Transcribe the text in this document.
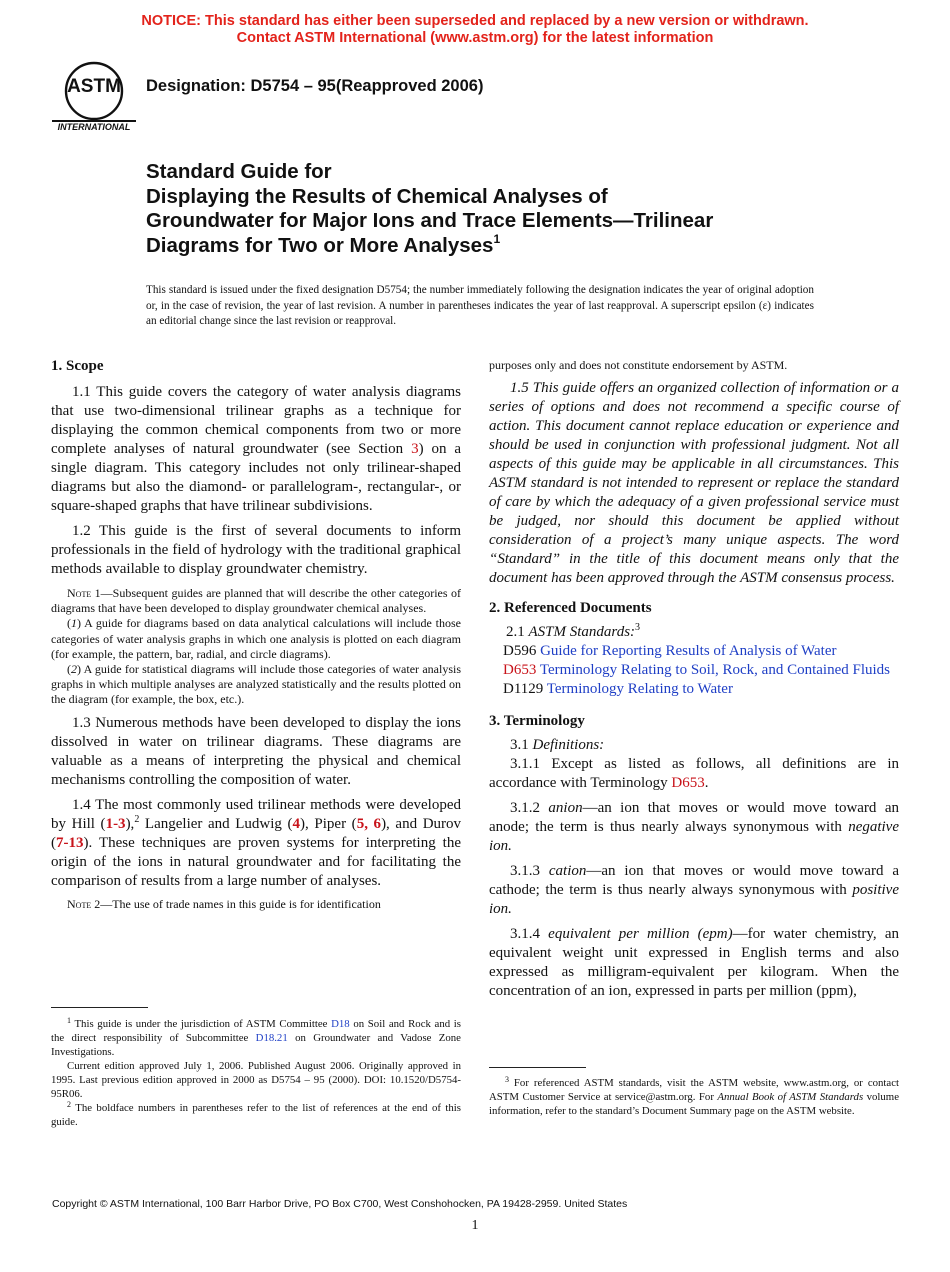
NOTICE: This standard has either been superseded and replaced by a new version or withdrawn.
Contact ASTM International (www.astm.org) for the latest information
ASTM
INTERNATIONAL
Designation: D5754 – 95(Reapproved 2006)
Standard Guide for
Displaying the Results of Chemical Analyses of
Groundwater for Major Ions and Trace Elements—Trilinear
Diagrams for Two or More Analyses$^1$
This standard is issued under the fixed designation D5754; the number immediately following the designation indicates the year of original adoption or, in the case of revision, the year of last revision. A number in parentheses indicates the year of last reapproval. A superscript epsilon (ε) indicates an editorial change since the last revision or reapproval.

1. Scope

1.1 This guide covers the category of water analysis diagrams that use two-dimensional trilinear graphs as a technique for displaying the common chemical components from two or more complete analyses of natural groundwater (see Section 3) on a single diagram. This category includes not only trilinear-shaped diagrams but also the diamond- or parallelogram-, rectangular-, or square-shaped graphs that have trilinear subdivisions.

1.2 This guide is the first of several documents to inform professionals in the field of hydrology with the traditional graphical methods available to display groundwater chemistry.

Note 1—Subsequent guides are planned that will describe the other categories of diagrams that have been developed to display groundwater chemical analyses.

(1) A guide for diagrams based on data analytical calculations will include those categories of water analysis graphs in which one analysis is plotted on each diagram (for example, the pattern, bar, radial, and circle diagrams).

(2) A guide for statistical diagrams will include those categories of water analysis graphs in which multiple analyses are analyzed statistically and the results plotted on the diagram (for example, the box, etc.).

1.3 Numerous methods have been developed to display the ions dissolved in water on trilinear diagrams. These diagrams are valuable as a means of interpreting the physical and chemical mechanisms controlling the composition of water.

1.4 The most commonly used trilinear methods were developed by Hill (1-3),$^2$ Langelier and Ludwig (4), Piper (5, 6), and Durov (7-13). These techniques are proven systems for interpreting the origin of the ions in natural groundwater and for facilitating the comparison of results from a large number of analyses.

Note 2—The use of trade names in this guide is for identification

$^1$ This guide is under the jurisdiction of ASTM Committee D18 on Soil and Rock and is the direct responsibility of Subcommittee D18.21 on Groundwater and Vadose Zone Investigations.

Current edition approved July 1, 2006. Published August 2006. Originally approved in 1995. Last previous edition approved in 2000 as D5754 – 95 (2000). DOI: 10.1520/D5754-95R06.

$^2$ The boldface numbers in parentheses refer to the list of references at the end of this guide.

purposes only and does not constitute endorsement by ASTM.

1.5 This guide offers an organized collection of information or a series of options and does not recommend a specific course of action. This document cannot replace education or experience and should be used in conjunction with professional judgment. Not all aspects of this guide may be applicable in all circumstances. This ASTM standard is not intended to represent or replace the standard of care by which the adequacy of a given professional service must be judged, nor should this document be applied without consideration of a project’s many unique aspects. The word “Standard” in the title of this document means only that the document has been approved through the ASTM consensus process.

2. Referenced Documents

2.1 ASTM Standards:$^3$

D596 Guide for Reporting Results of Analysis of Water

D653 Terminology Relating to Soil, Rock, and Contained Fluids

D1129 Terminology Relating to Water

3. Terminology

3.1 Definitions:

3.1.1 Except as listed as follows, all definitions are in accordance with Terminology D653.

3.1.2 anion—an ion that moves or would move toward an anode; the term is thus nearly always synonymous with negative ion.

3.1.3 cation—an ion that moves or would move toward a cathode; the term is thus nearly always synonymous with positive ion.

3.1.4 equivalent per million (epm)—for water chemistry, an equivalent weight unit expressed in English terms and also expressed as milligram-equivalent per kilogram. When the concentration of an ion, expressed in parts per million (ppm),

$^3$ For referenced ASTM standards, visit the ASTM website, www.astm.org, or contact ASTM Customer Service at service@astm.org. For Annual Book of ASTM Standards volume information, refer to the standard’s Document Summary page on the ASTM website.

Copyright © ASTM International, 100 Barr Harbor Drive, PO Box C700, West Conshohocken, PA 19428-2959. United States
1
